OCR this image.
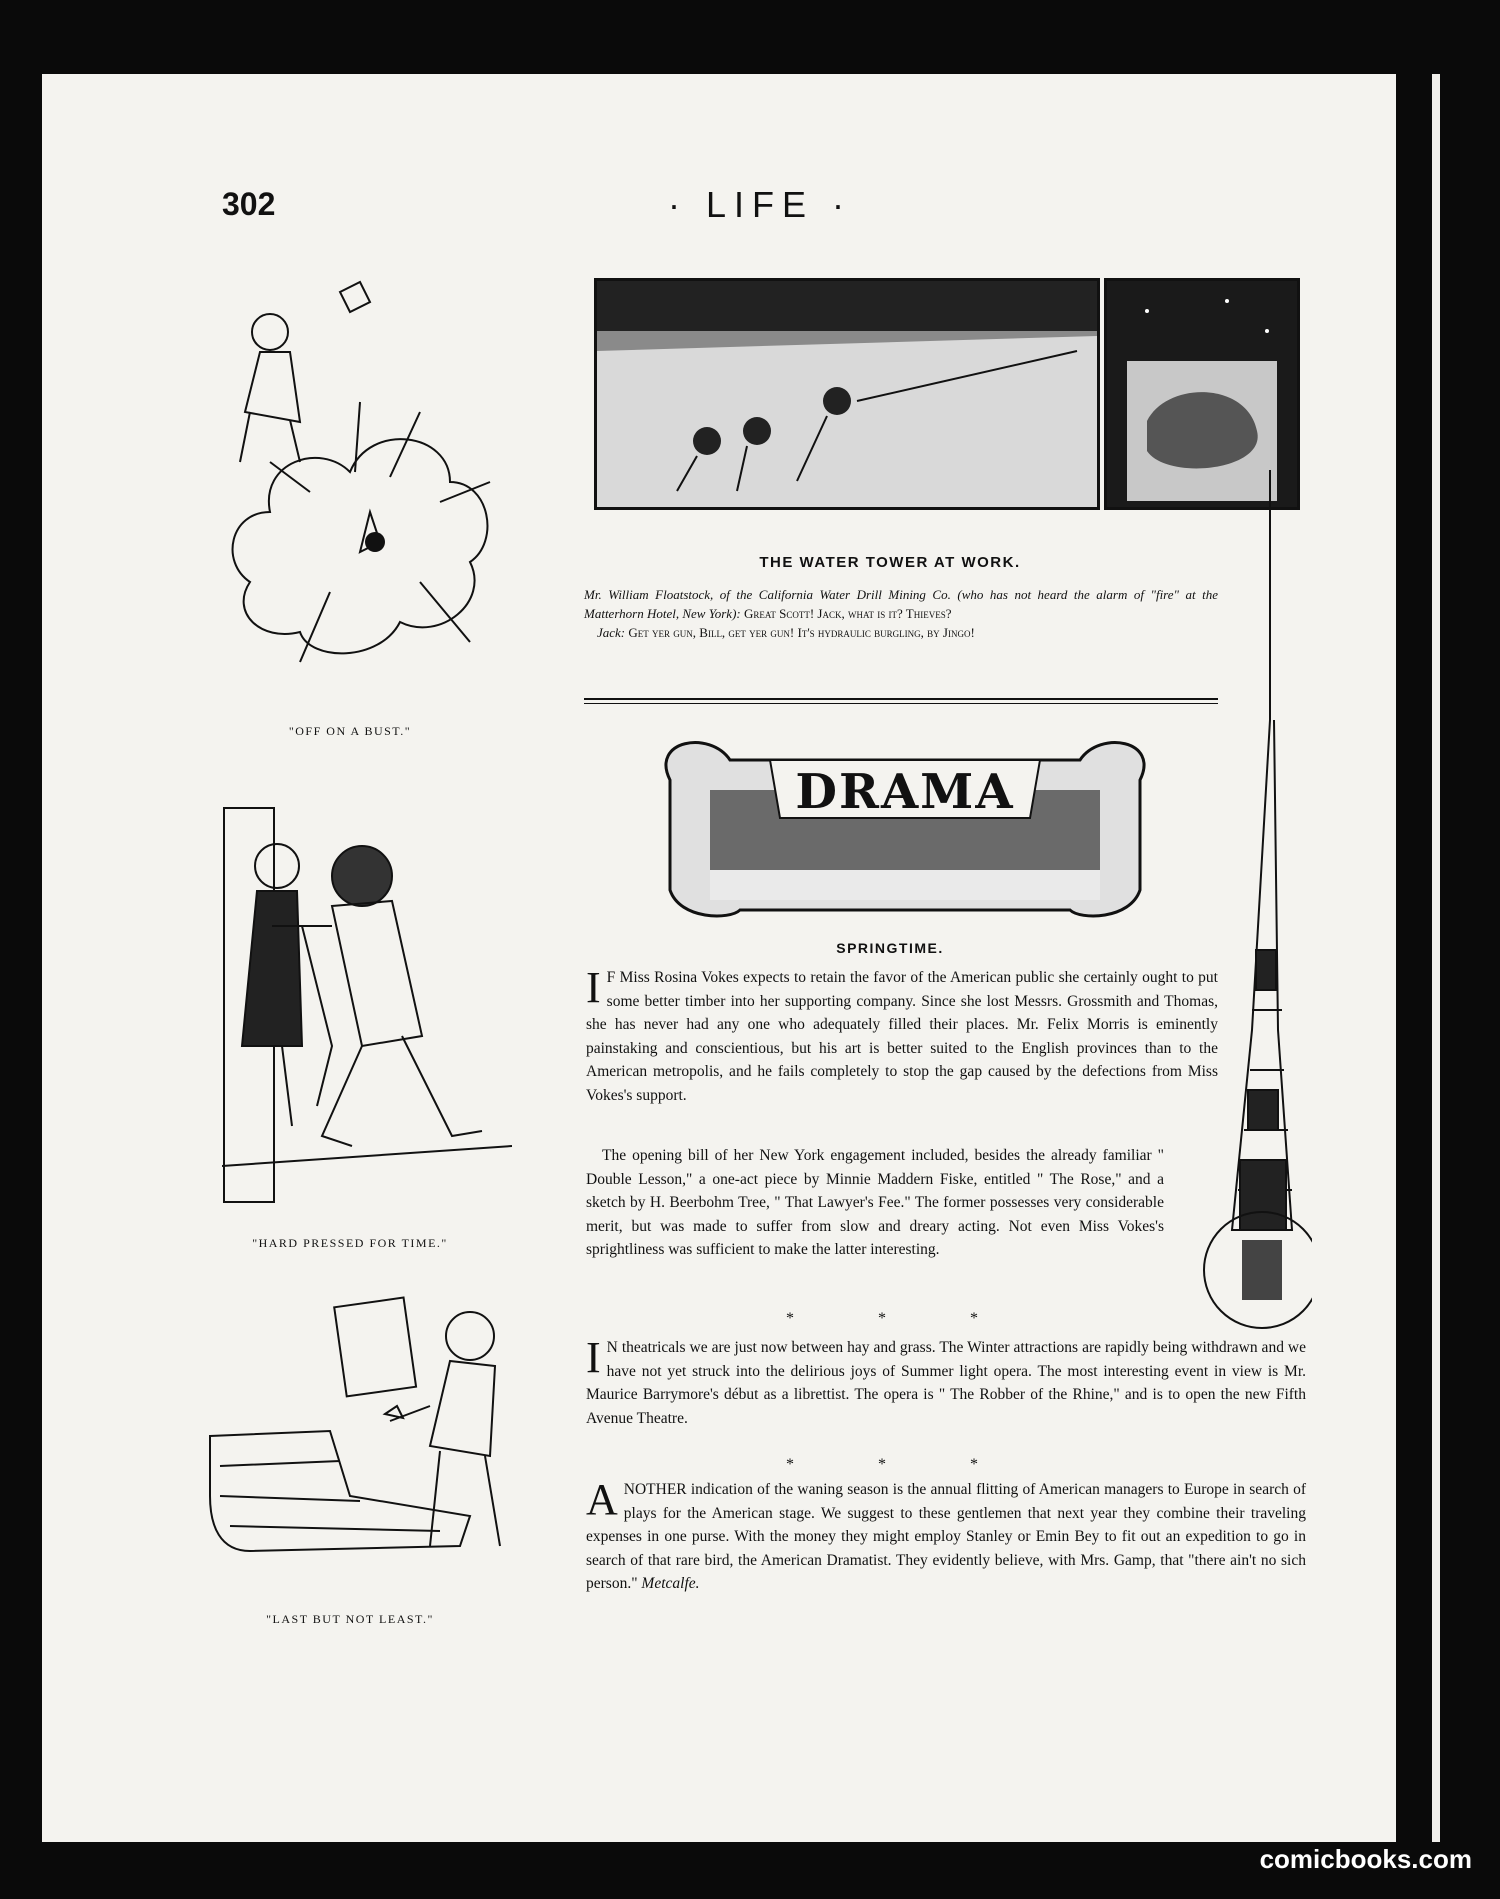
302	· LIFE ·
"OFF ON A BUST."
"HARD PRESSED FOR TIME."
"LAST BUT NOT LEAST."
THE WATER TOWER AT WORK.
Mr. William Floatstock, of the California Water Drill Mining Co. (who has not heard the alarm of "fire" at the Matterhorn Hotel, New York): Great Scott! Jack, what is it? Thieves?
Jack: Get yer gun, Bill, get yer gun! It's hydraulic burgling, by Jingo!
DRAMA
SPRINGTIME.

I F Miss Rosina Vokes expects to retain the favor of the American public she certainly ought to put some better timber into her supporting company. Since she lost Messrs. Grossmith and Thomas, she has never had any one who adequately filled their places. Mr. Felix Morris is eminently painstaking and conscientious, but his art is better suited to the English provinces than to the American metropolis, and he fails completely to stop the gap caused by the defections from Miss Vokes's support.

The opening bill of her New York engagement included, besides the already familiar " Double Lesson," a one-act piece by Minnie Maddern Fiske, entitled " The Rose," and a sketch by H. Beerbohm Tree, " That Lawyer's Fee." The former possesses very considerable merit, but was made to suffer from slow and dreary acting. Not even Miss Vokes's sprightliness was sufficient to make the latter interesting.

* * *

I N theatricals we are just now between hay and grass. The Winter attractions are rapidly being withdrawn and we have not yet struck into the delirious joys of Summer light opera. The most interesting event in view is Mr. Maurice Barrymore's début as a librettist. The opera is " The Robber of the Rhine," and is to open the new Fifth Avenue Theatre.

* * *

ANOTHER indication of the waning season is the annual flitting of American managers to Europe in search of plays for the American stage. We suggest to these gentlemen that next year they combine their traveling expenses in one purse. With the money they might employ Stanley or Emin Bey to fit out an expedition to go in search of that rare bird, the American Dramatist. They evidently believe, with Mrs. Gamp, that "there ain't no sich person." Metcalfe.

comicbooks.com
